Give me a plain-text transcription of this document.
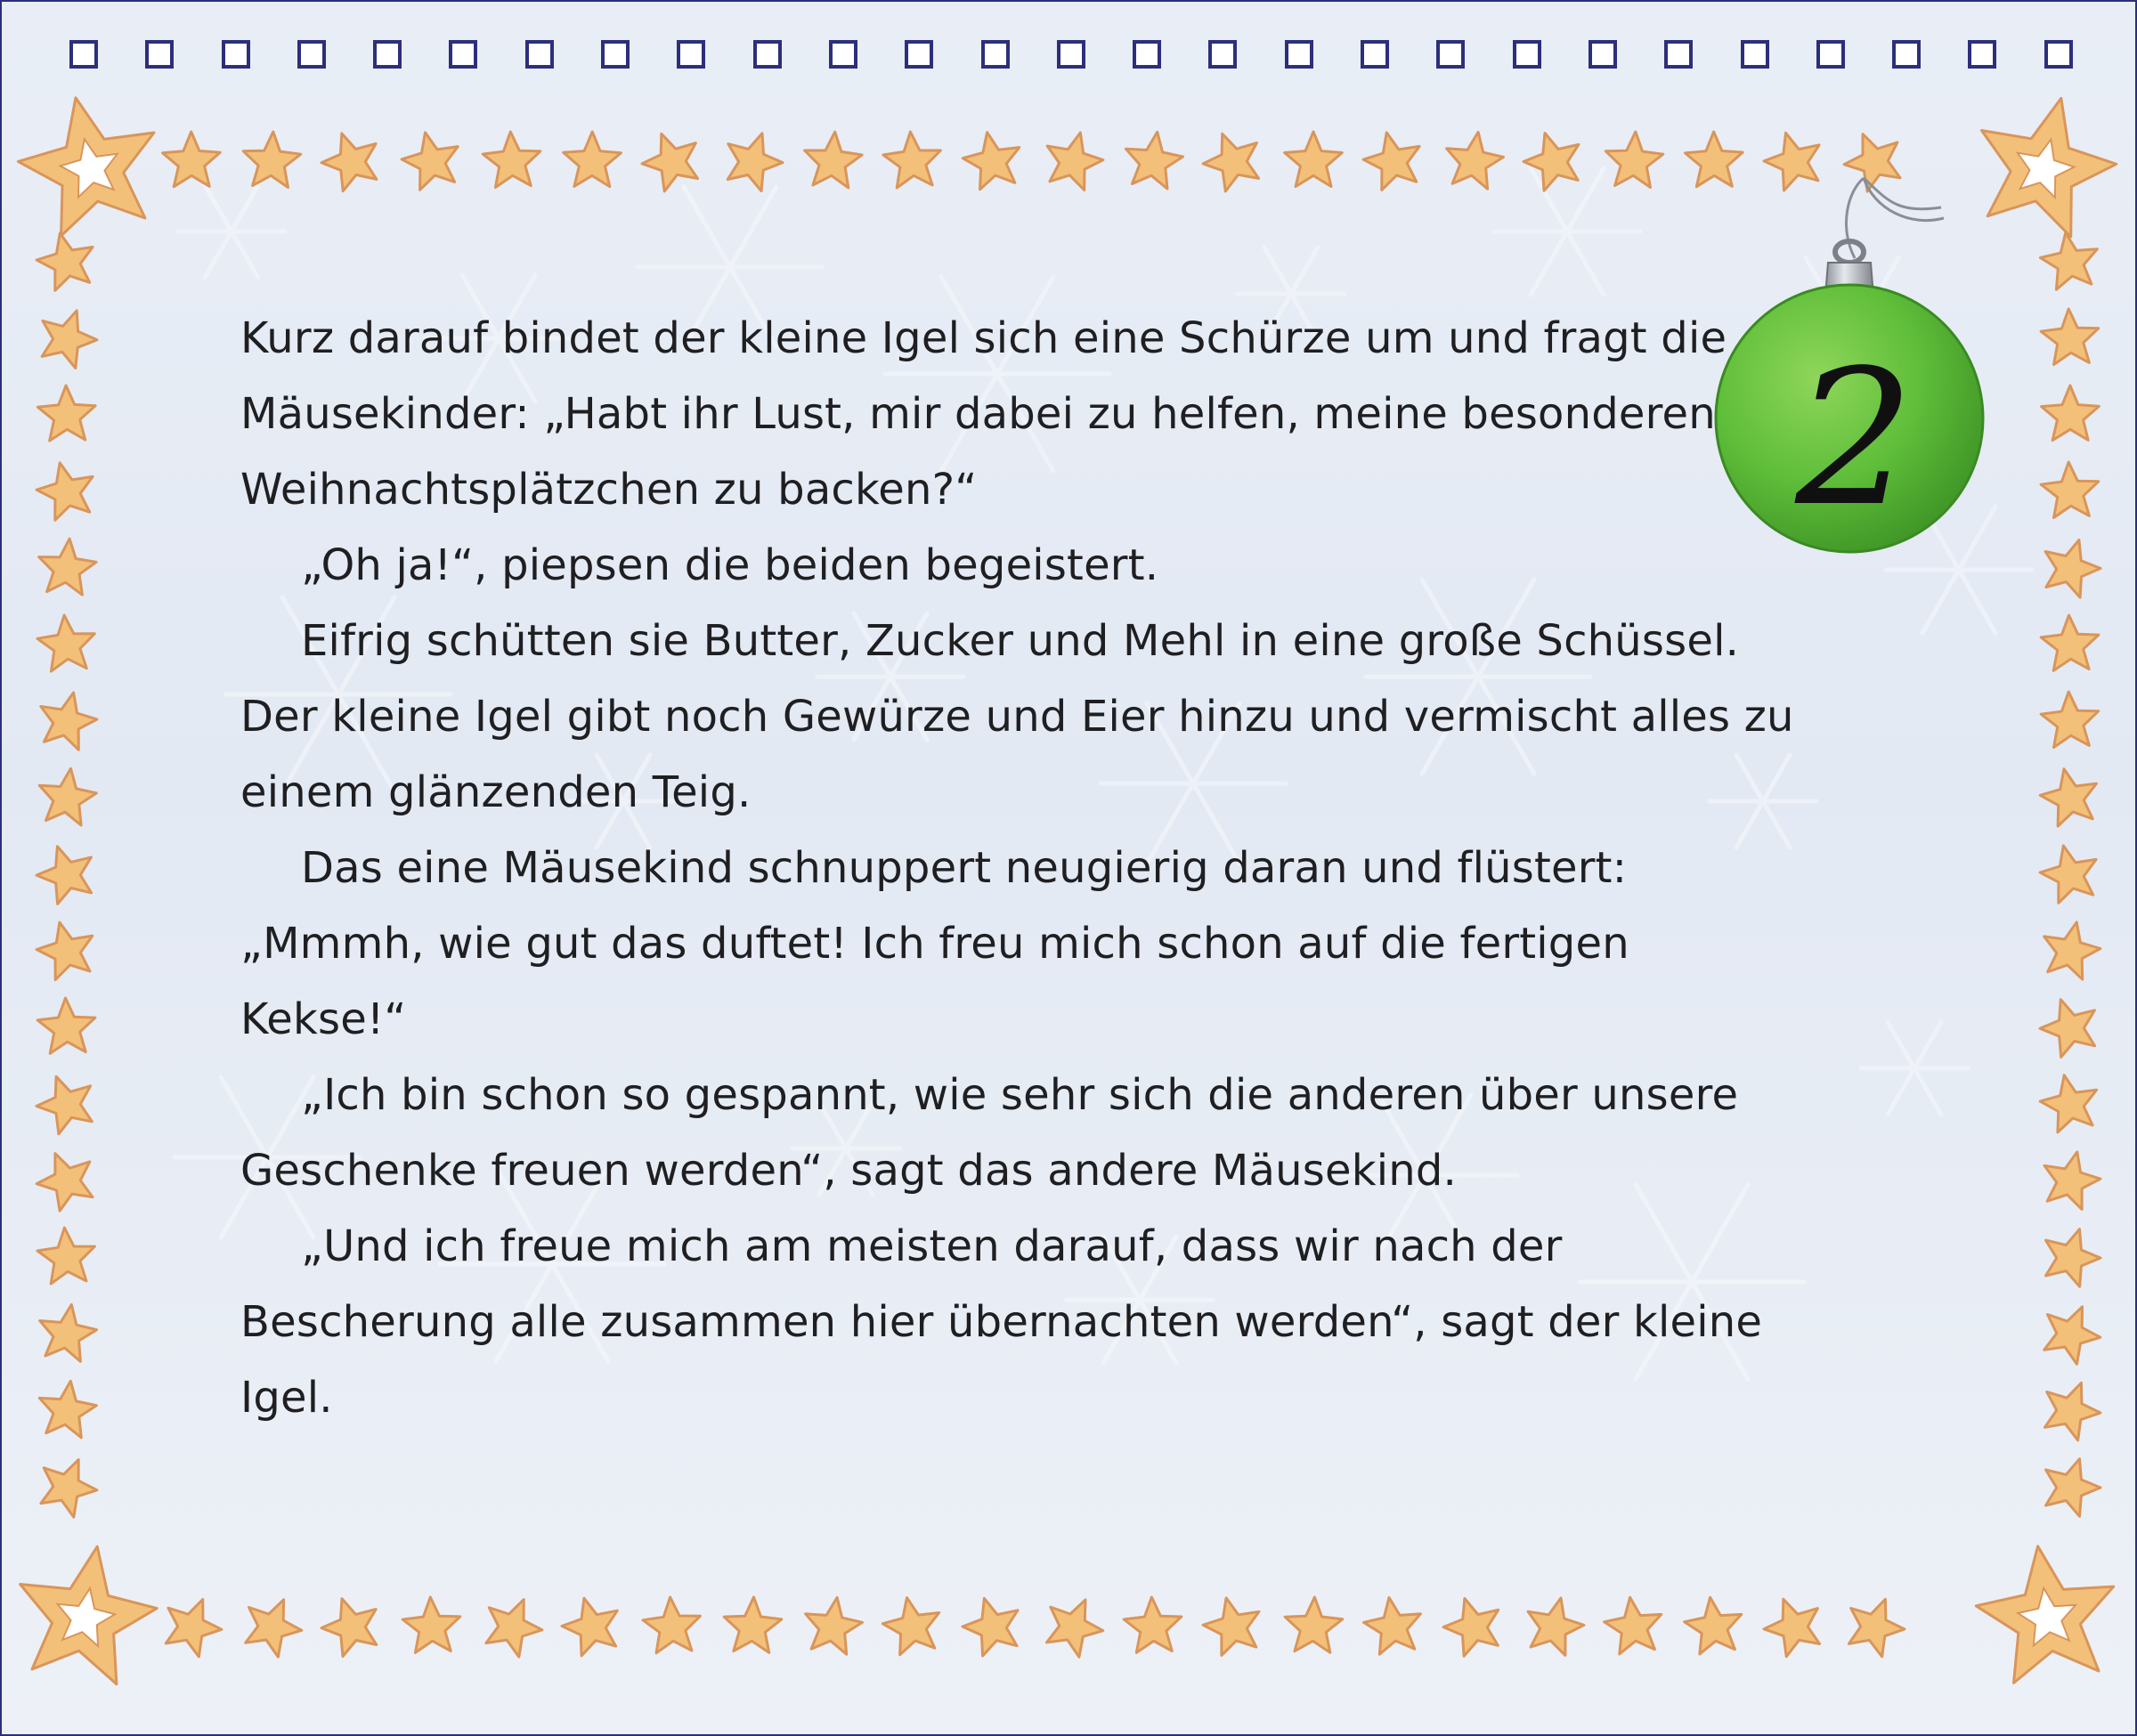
2

Kurz darauf bindet der kleine Igel sich eine Schürze um und fragt die Mäusekinder: „Habt ihr Lust, mir dabei zu helfen, meine besonderen Weihnachtsplätzchen zu backen?“

„Oh ja!“, piepsen die beiden begeistert.

Eifrig schütten sie Butter, Zucker und Mehl in eine große Schüssel. Der kleine Igel gibt noch Gewürze und Eier hinzu und vermischt alles zu einem glänzenden Teig.

Das eine Mäusekind schnuppert neugierig daran und flüstert: „Mmmh, wie gut das duftet! Ich freu mich schon auf die fertigen Kekse!“

„Ich bin schon so gespannt, wie sehr sich die anderen über unsere Geschenke freuen werden“, sagt das andere Mäusekind.

„Und ich freue mich am meisten darauf, dass wir nach der Bescherung alle zusammen hier übernachten werden“, sagt der kleine Igel.
